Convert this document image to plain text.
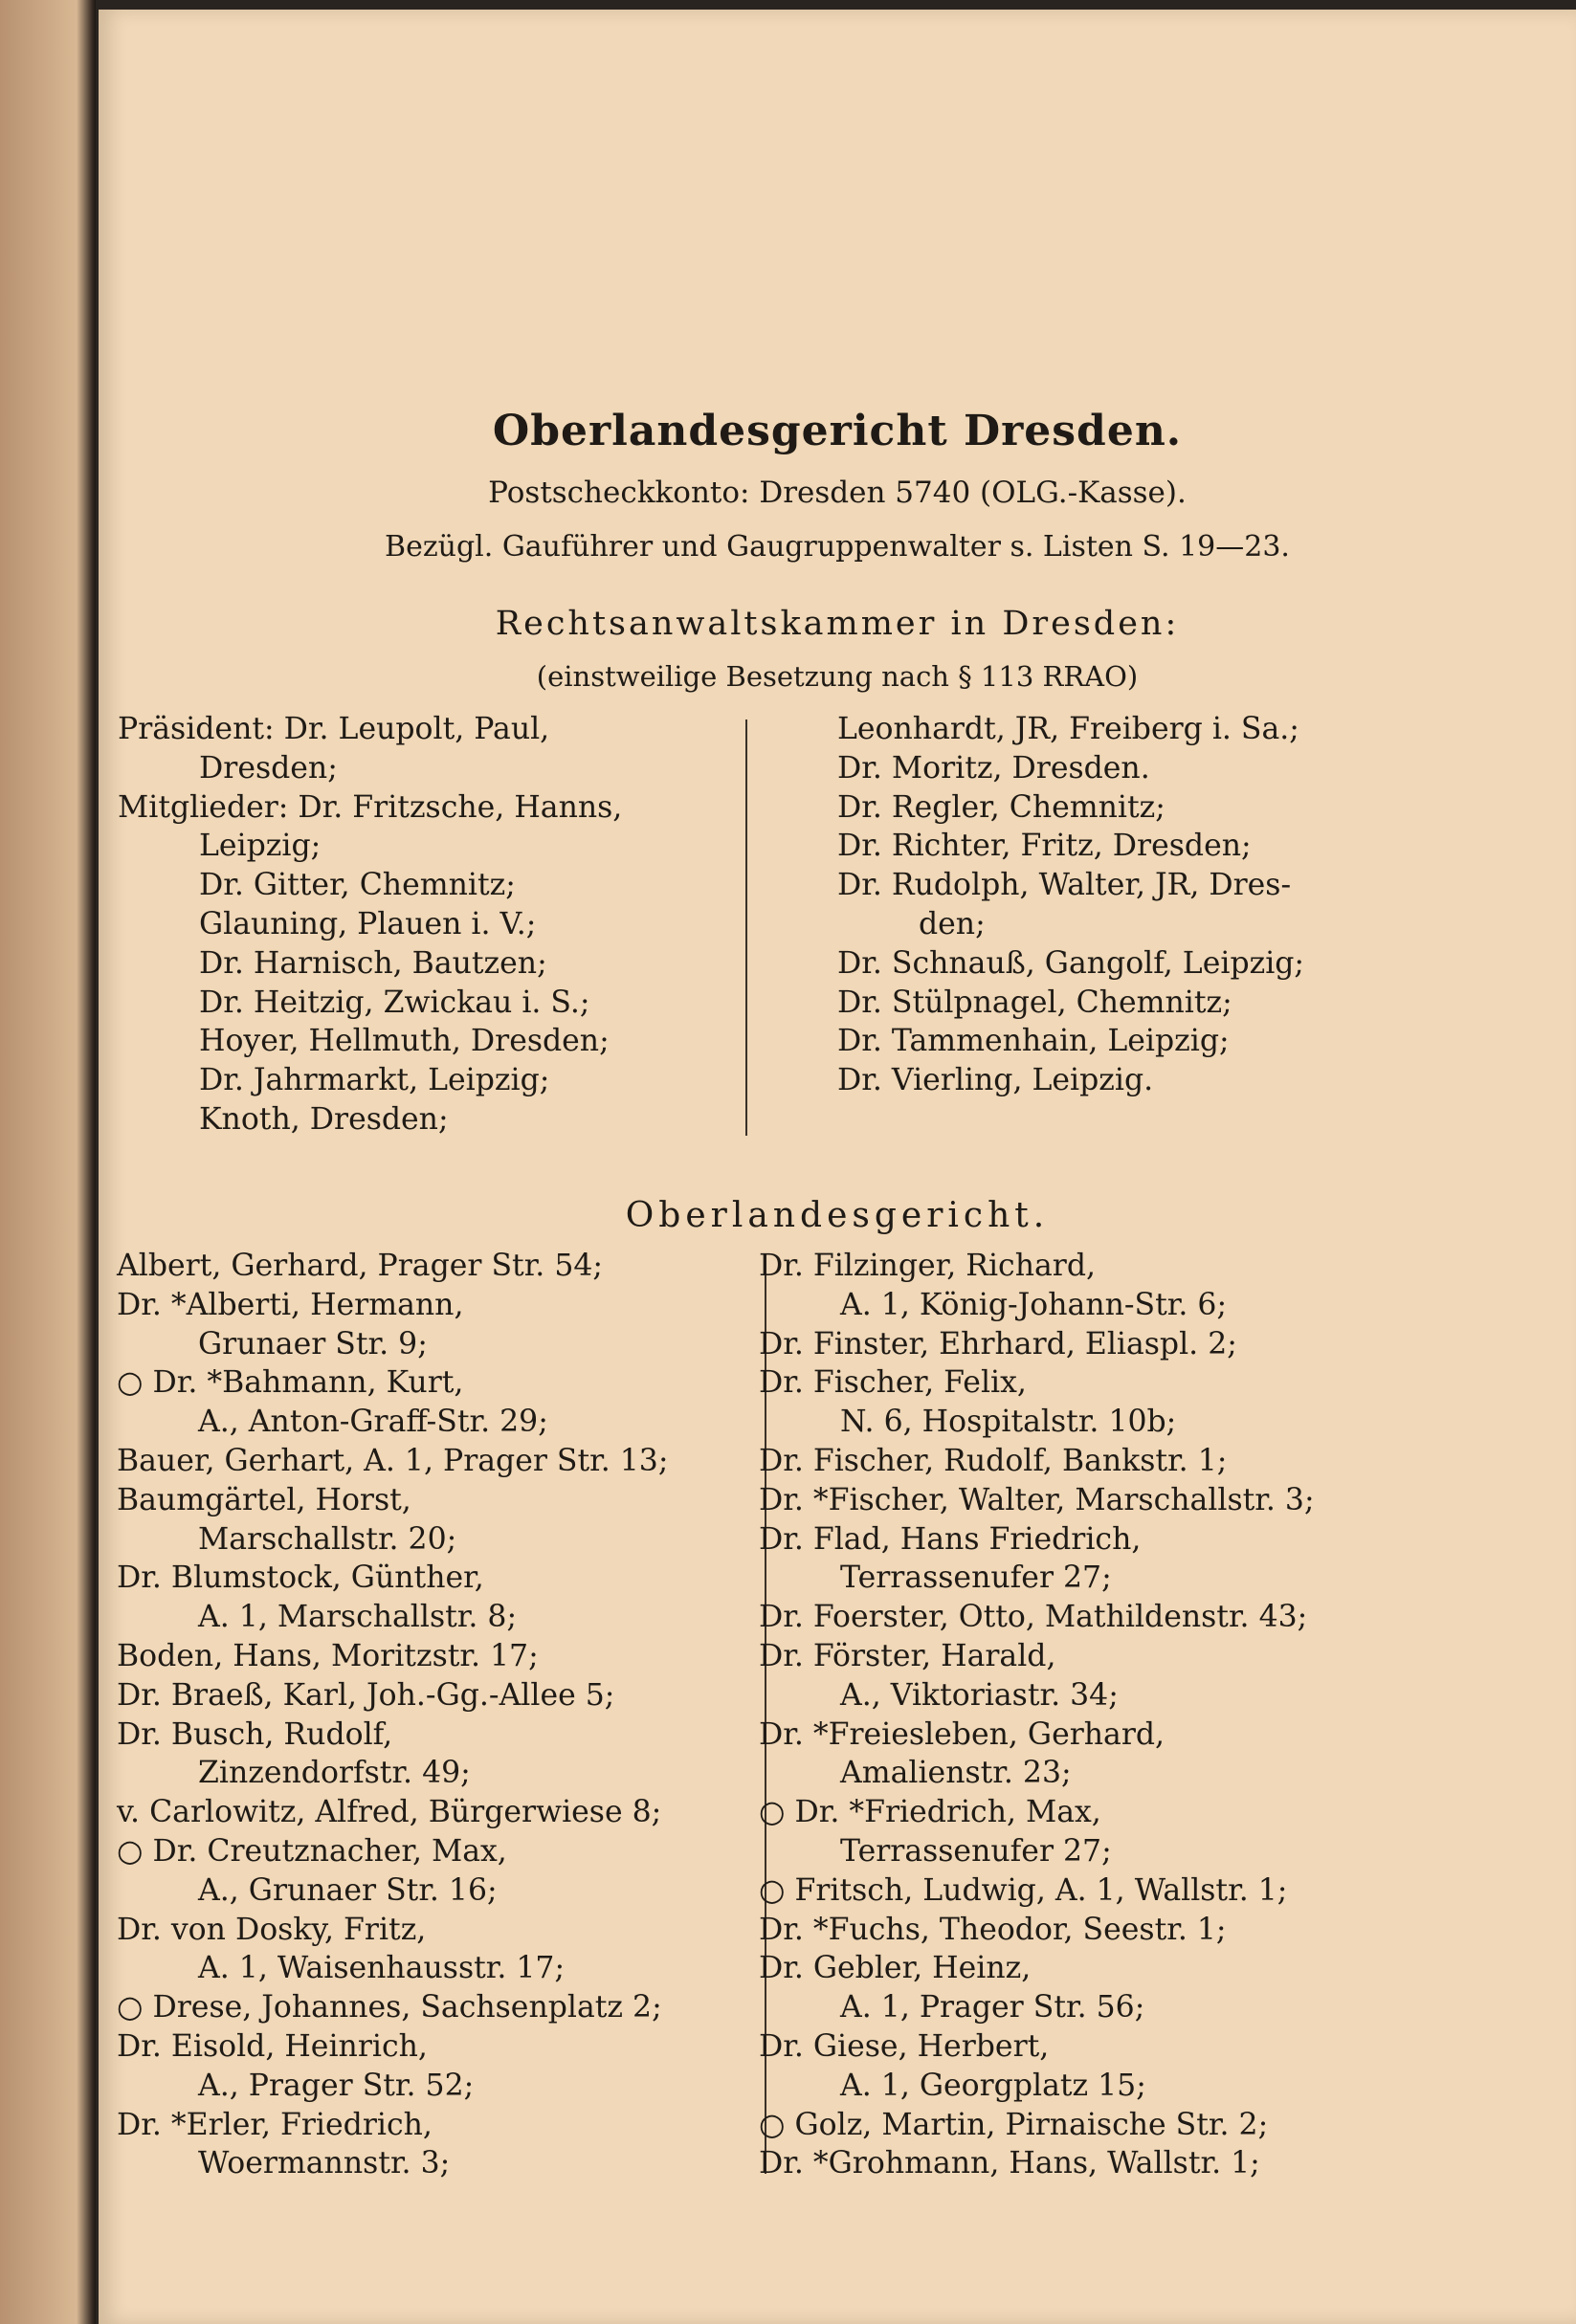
Oberlandesgericht Dresden.
Postscheckkonto: Dresden 5740 (OLG.-Kasse).
Bezügl. Gauführer und Gaugruppenwalter s. Listen S. 19—23.
Rechtsanwaltskammer in Dresden:
(einstweilige Besetzung nach § 113 RRAO)
Oberlandesgericht.
Präsident: Dr. Leupolt, Paul,
Dresden;
Mitglieder: Dr. Fritzsche, Hanns,
Leipzig;
Dr. Gitter, Chemnitz;
Glauning, Plauen i. V.;
Dr. Harnisch, Bautzen;
Dr. Heitzig, Zwickau i. S.;
Hoyer, Hellmuth, Dresden;
Dr. Jahrmarkt, Leipzig;
Knoth, Dresden;
Leonhardt, JR, Freiberg i. Sa.;
Dr. Moritz, Dresden.
Dr. Regler, Chemnitz;
Dr. Richter, Fritz, Dresden;
Dr. Rudolph, Walter, JR, Dres-
den;
Dr. Schnauß, Gangolf, Leipzig;
Dr. Stülpnagel, Chemnitz;
Dr. Tammenhain, Leipzig;
Dr. Vierling, Leipzig.
Albert, Gerhard, Prager Str. 54;
Dr. *Alberti, Hermann,
Grunaer Str. 9;
○ Dr. *Bahmann, Kurt,
A., Anton-Graff-Str. 29;
Bauer, Gerhart, A. 1, Prager Str. 13;
Baumgärtel, Horst,
Marschallstr. 20;
Dr. Blumstock, Günther,
A. 1, Marschallstr. 8;
Boden, Hans, Moritzstr. 17;
Dr. Braeß, Karl, Joh.-Gg.-Allee 5;
Dr. Busch, Rudolf,
Zinzendorfstr. 49;
v. Carlowitz, Alfred, Bürgerwiese 8;
○ Dr. Creutznacher, Max,
A., Grunaer Str. 16;
Dr. von Dosky, Fritz,
A. 1, Waisenhausstr. 17;
○ Drese, Johannes, Sachsenplatz 2;
Dr. Eisold, Heinrich,
A., Prager Str. 52;
Dr. *Erler, Friedrich,
Woermannstr. 3;
Dr. Filzinger, Richard,
A. 1, König-Johann-Str. 6;
Dr. Finster, Ehrhard, Eliaspl. 2;
Dr. Fischer, Felix,
N. 6, Hospitalstr. 10b;
Dr. Fischer, Rudolf, Bankstr. 1;
Dr. *Fischer, Walter, Marschallstr. 3;
Dr. Flad, Hans Friedrich,
Terrassenufer 27;
Dr. Foerster, Otto, Mathildenstr. 43;
Dr. Förster, Harald,
A., Viktoriastr. 34;
Dr. *Freiesleben, Gerhard,
Amalienstr. 23;
○ Dr. *Friedrich, Max,
Terrassenufer 27;
○ Fritsch, Ludwig, A. 1, Wallstr. 1;
Dr. *Fuchs, Theodor, Seestr. 1;
Dr. Gebler, Heinz,
A. 1, Prager Str. 56;
Dr. Giese, Herbert,
A. 1, Georgplatz 15;
○ Golz, Martin, Pirnaische Str. 2;
Dr. *Grohmann, Hans, Wallstr. 1;
